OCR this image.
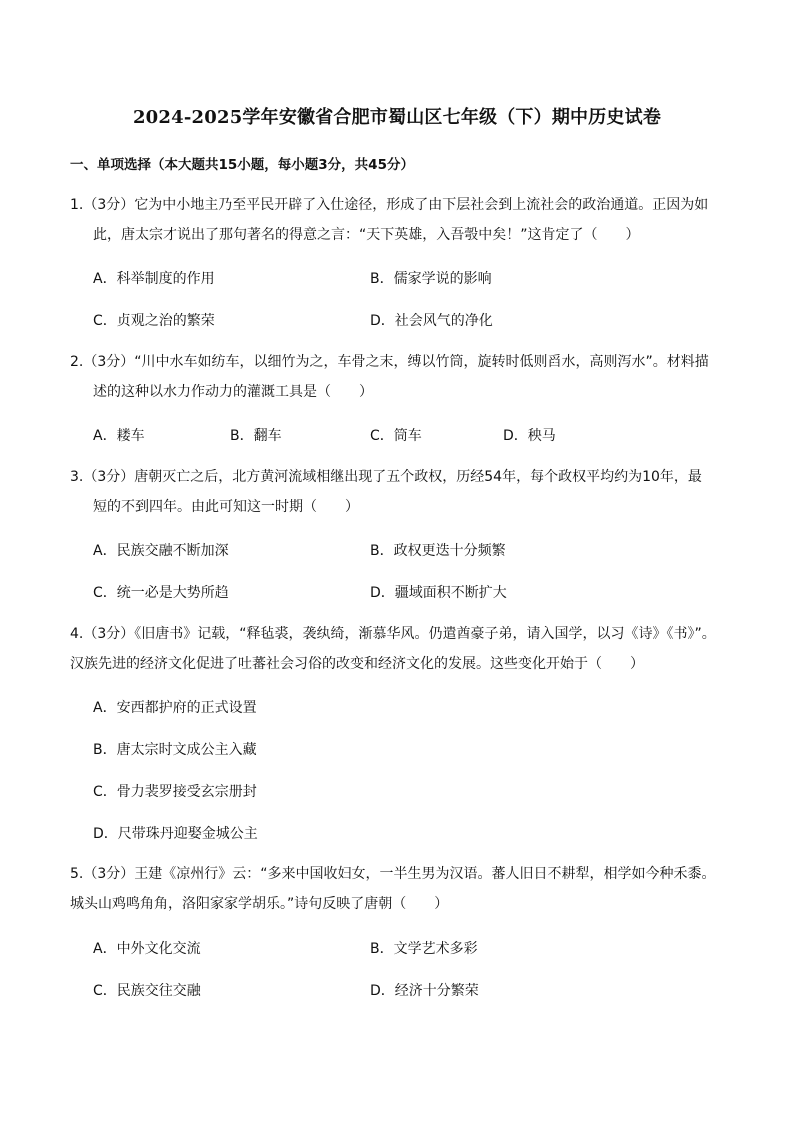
2024-2025学年安徽省合肥市蜀山区七年级（下）期中历史试卷
一、单项选择（本大题共15小题，每小题3分，共45分）
1.（3分）它为中小地主乃至平民开辟了入仕途径，形成了由下层社会到上流社会的政治通道。正因为如
此，唐太宗才说出了那句著名的得意之言：“天下英雄，入吾彀中矣！”这肯定了（　　）
A．科举制度的作用	B．儒家学说的影响
C．贞观之治的繁荣	D．社会风气的净化
2.（3分）“川中水车如纺车，以细竹为之，车骨之末，缚以竹筒，旋转时低则舀水，高则泻水”。材料描
述的这种以水力作动力的灌溉工具是（　　）
A．耧车	B．翻车	C．筒车	D．秧马
3.（3分）唐朝灭亡之后，北方黄河流域相继出现了五个政权，历经54年，每个政权平均约为10年，最
短的不到四年。由此可知这一时期（　　）
A．民族交融不断加深	B．政权更迭十分频繁
C．统一必是大势所趋	D．疆域面积不断扩大
4.（3分）《旧唐书》记载，“释毡裘，袭纨绮，渐慕华风。仍遣酋豪子弟，请入国学，以习《诗》《书》”。
汉族先进的经济文化促进了吐蕃社会习俗的改变和经济文化的发展。这些变化开始于（　　）
A．安西都护府的正式设置
B．唐太宗时文成公主入藏
C．骨力裴罗接受玄宗册封
D．尺带珠丹迎娶金城公主
5.（3分）王建《凉州行》云：“多来中国收妇女，一半生男为汉语。蕃人旧日不耕犁，相学如今种禾黍。
城头山鸡鸣角角，洛阳家家学胡乐。”诗句反映了唐朝（　　）
A．中外文化交流	B．文学艺术多彩
C．民族交往交融	D．经济十分繁荣
